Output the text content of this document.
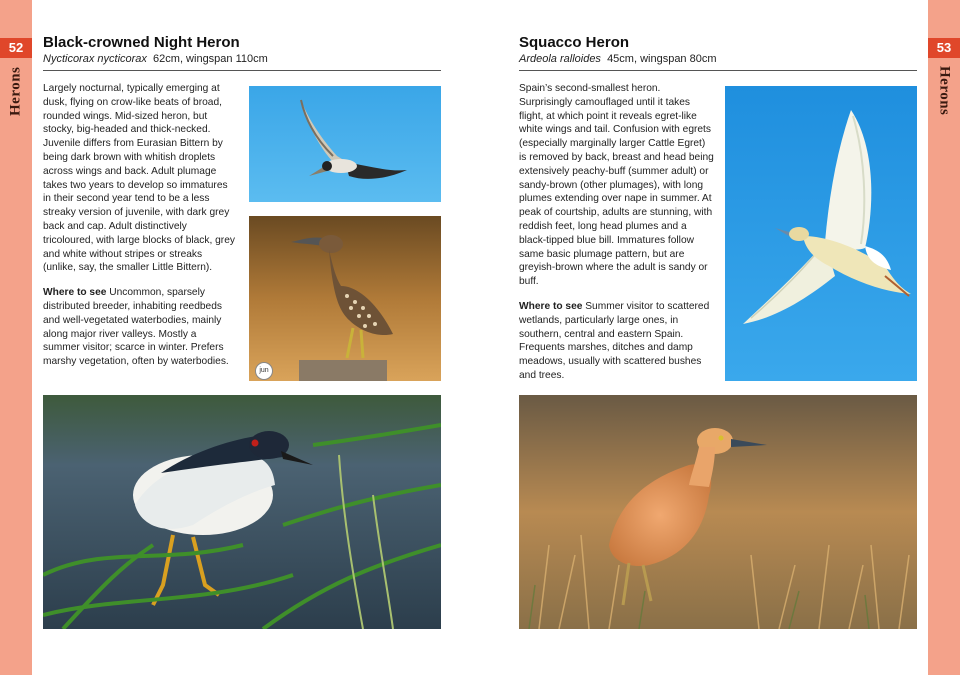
52
Herons
53
Herons
Black-crowned Night Heron
Nycticorax nycticorax 62cm, wingspan 110cm

Largely nocturnal, typically emerging at dusk, flying on crow-like beats of broad, rounded wings. Mid-sized heron, but stocky, big-headed and thick-necked. Juvenile differs from Eurasian Bittern by being dark brown with whitish droplets across wings and back. Adult plumage takes two years to develop so immatures in their second year tend to be a less streaky version of juvenile, with dark grey back and cap. Adult distinctively tricoloured, with large blocks of black, grey and white without stripes or streaks (unlike, say, the smaller Little Bittern).

Where to see Uncommon, sparsely distributed breeder, inhabiting reedbeds and well-vegetated waterbodies, mainly along major river valleys. Mostly a summer visitor; scarce in winter. Prefers marshy vegetation, often by waterbodies.

jun
Squacco Heron
Ardeola ralloides 45cm, wingspan 80cm

Spain’s second-smallest heron. Surprisingly camouflaged until it takes flight, at which point it reveals egret-like white wings and tail. Confusion with egrets (especially marginally larger Cattle Egret) is removed by back, breast and head being extensively peachy-buff (summer adult) or sandy-brown (other plumages), with long plumes extending over nape in summer. At peak of courtship, adults are stunning, with reddish feet, long head plumes and a black-tipped blue bill. Immatures follow same basic plumage pattern, but are greyish-brown where the adult is sandy or buff.

Where to see Summer visitor to scattered wetlands, particularly large ones, in southern, central and eastern Spain. Frequents marshes, ditches and damp meadows, usually with scattered bushes and trees.
